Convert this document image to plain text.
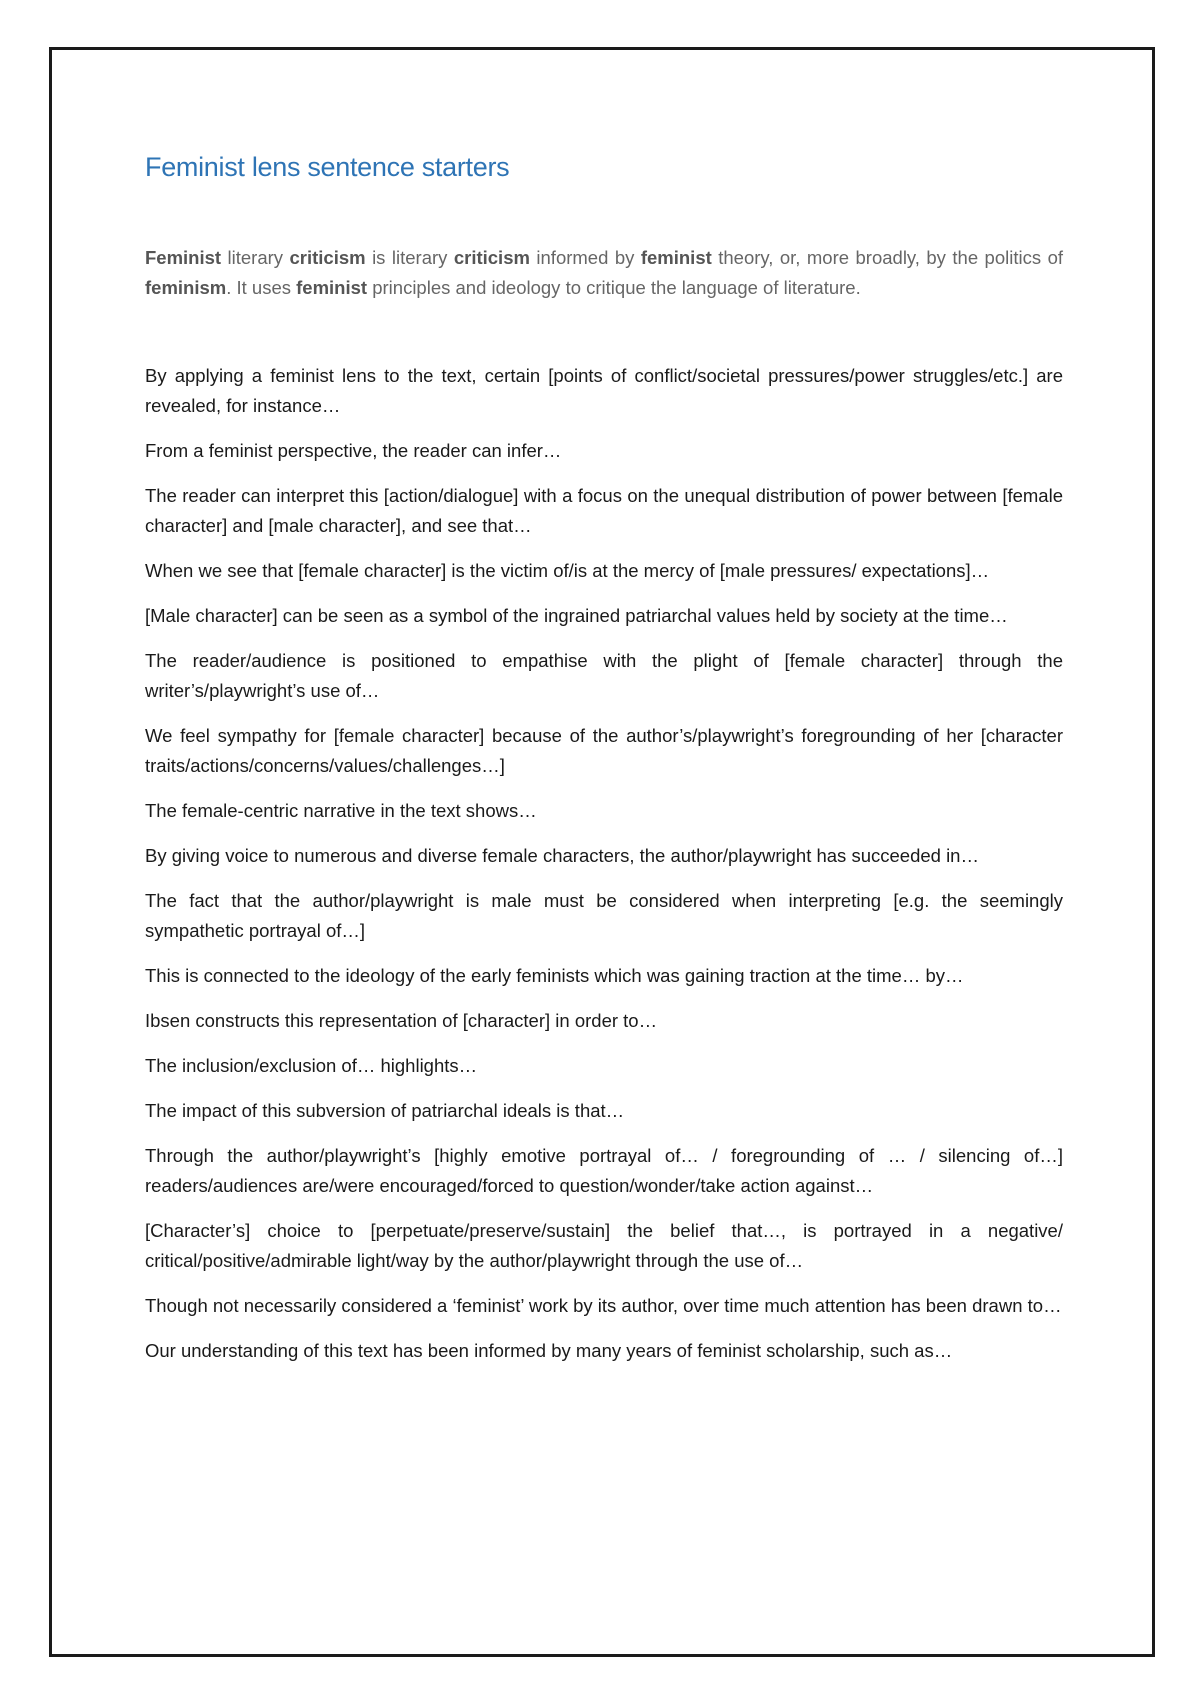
Feminist lens sentence starters

Feminist literary criticism is literary criticism informed by feminist theory, or, more broadly, by the politics of feminism. It uses feminist principles and ideology to critique the language of literature.

By applying a feminist lens to the text, certain [points of conflict/societal pressures/power struggles/etc.] are revealed, for instance…

From a feminist perspective, the reader can infer…

The reader can interpret this [action/dialogue] with a focus on the unequal distribution of power between [female character] and [male character], and see that…

When we see that [female character] is the victim of/is at the mercy of [male pressures/ expectations]…

[Male character] can be seen as a symbol of the ingrained patriarchal values held by society at the time…

The reader/audience is positioned to empathise with the plight of [female character] through the writer’s/playwright’s use of…

We feel sympathy for [female character] because of the author’s/playwright’s foregrounding of her [character traits/actions/concerns/values/challenges…]

The female-centric narrative in the text shows…

By giving voice to numerous and diverse female characters, the author/playwright has succeeded in…

The fact that the author/playwright is male must be considered when interpreting [e.g. the seemingly sympathetic portrayal of…]

This is connected to the ideology of the early feminists which was gaining traction at the time… by…

Ibsen constructs this representation of [character] in order to…

The inclusion/exclusion of… highlights…

The impact of this subversion of patriarchal ideals is that…

Through the author/playwright’s [highly emotive portrayal of… / foregrounding of … / silencing of…] readers/audiences are/were encouraged/forced to question/wonder/take action against…

[Character’s] choice to [perpetuate/preserve/sustain] the belief that…, is portrayed in a negative/ critical/positive/admirable light/way by the author/playwright through the use of…

Though not necessarily considered a ‘feminist’ work by its author, over time much attention has been drawn to…

Our understanding of this text has been informed by many years of feminist scholarship, such as…
